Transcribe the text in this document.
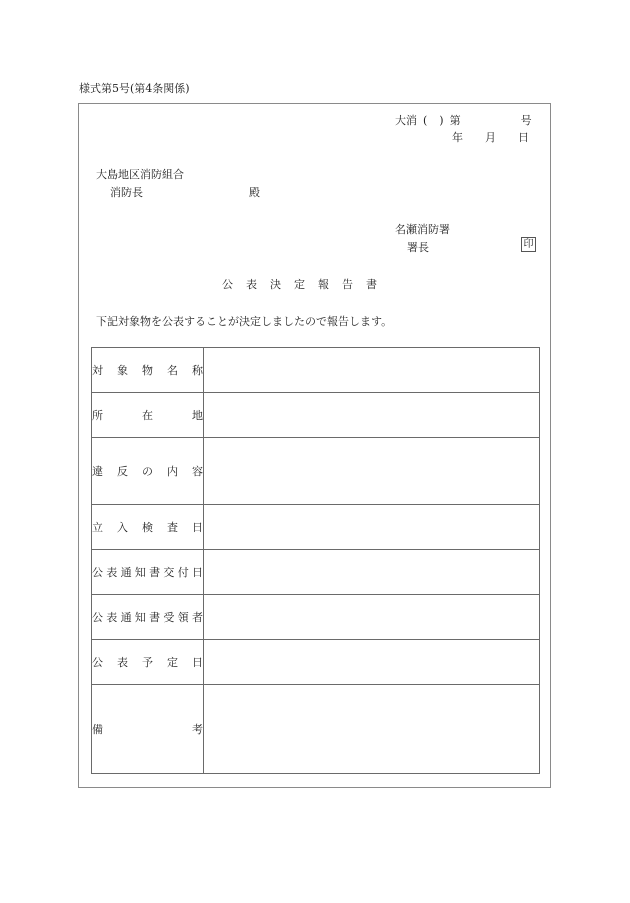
様式第5号(第4条関係)
大消 ( ) 第	号
年 月 日
大島地区消防組合
消防長	殿
名瀬消防署
署長	印
公 表 決 定 報 告 書
下記対象物を公表することが決定しましたので報告します。
対 象 物 名 称	

所 在 地	

違 反 の 内 容	

立 入 検 査 日	

公 表 通 知 書 交 付 日

公 表 通 知 書 受 領 者

公 表 予 定 日	

備 考	
